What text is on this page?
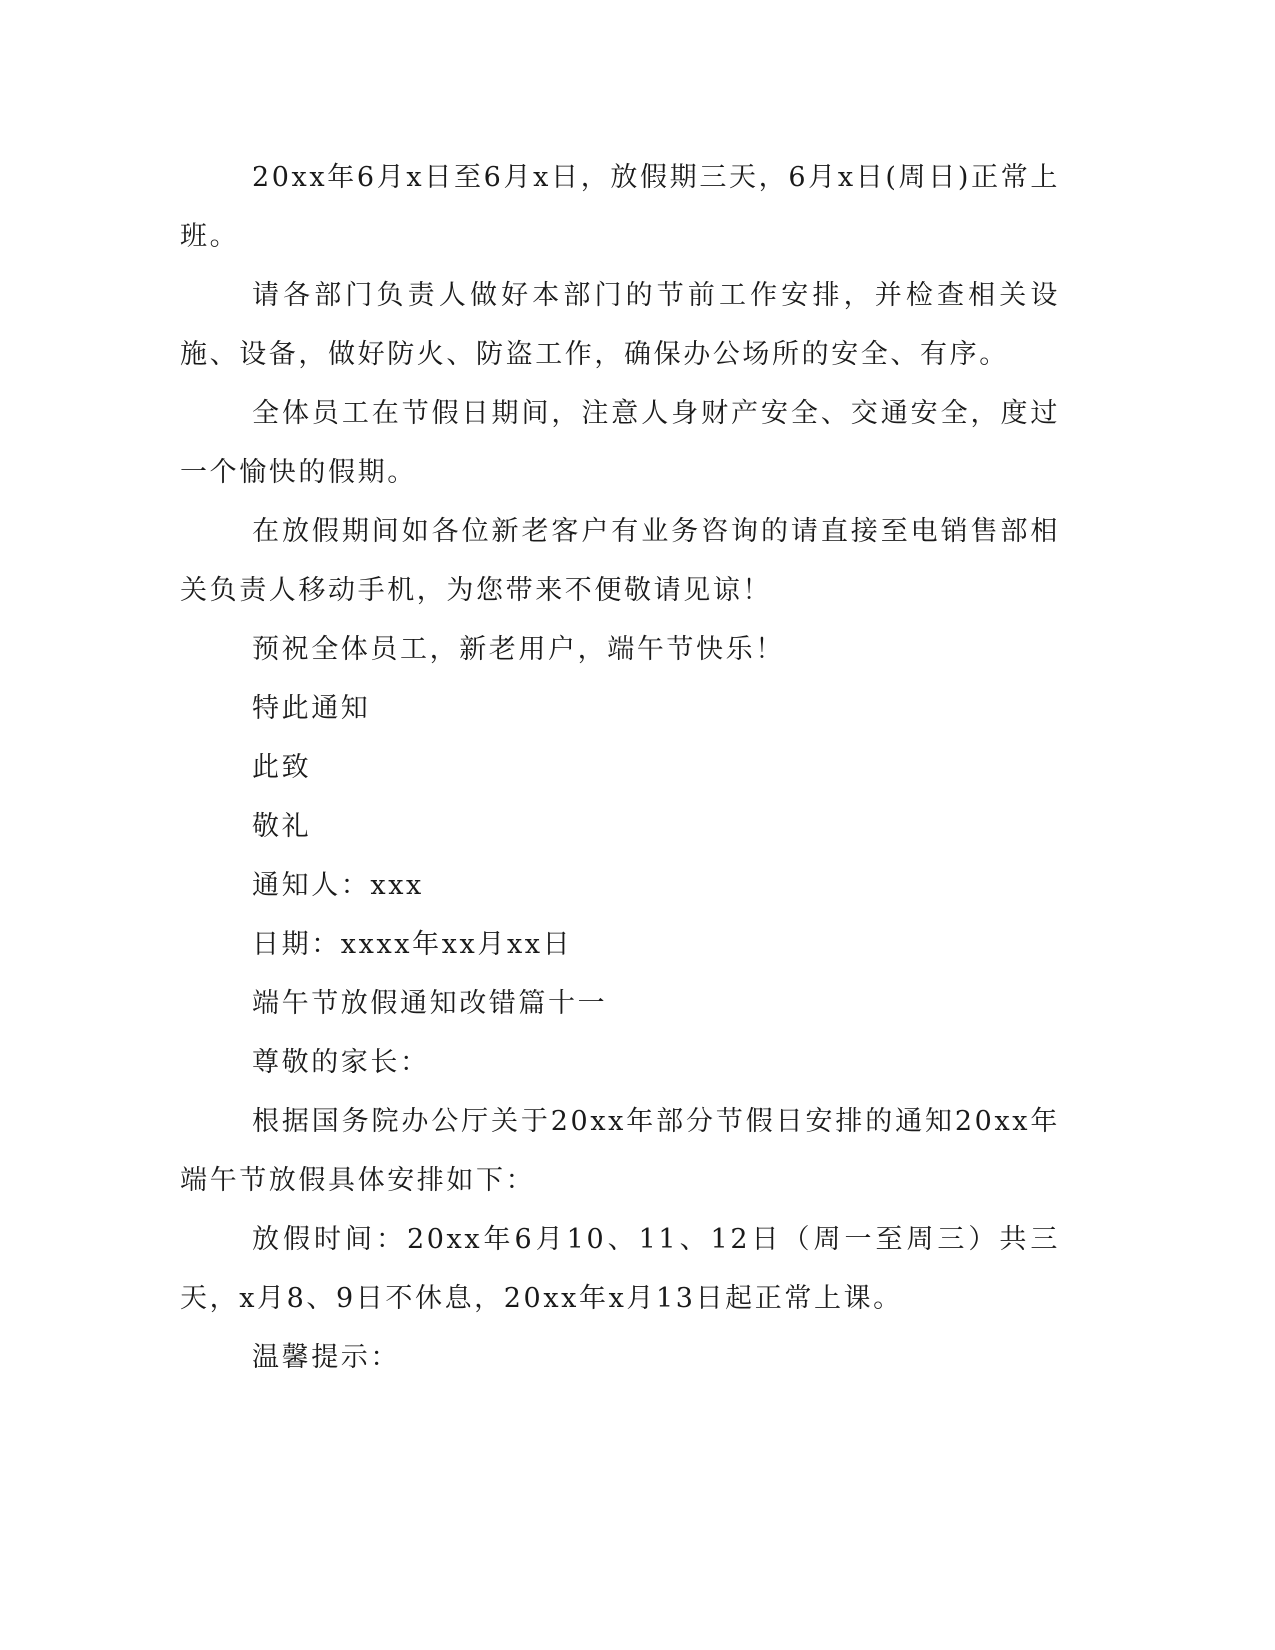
20xx年6月x日至6月x日，放假期三天，6月x日(周日)正常上班。

请各部门负责人做好本部门的节前工作安排，并检查相关设施、设备，做好防火、防盗工作，确保办公场所的安全、有序。

全体员工在节假日期间，注意人身财产安全、交通安全，度过一个愉快的假期。

在放假期间如各位新老客户有业务咨询的请直接至电销售部相关负责人移动手机，为您带来不便敬请见谅！

预祝全体员工，新老用户，端午节快乐！

特此通知

此致

敬礼

通知人：xxx

日期：xxxx年xx月xx日

端午节放假通知改错篇十一

尊敬的家长：

根据国务院办公厅关于20xx年部分节假日安排的通知20xx年端午节放假具体安排如下：

放假时间：20xx年6月10、11、12日（周一至周三）共三天，x月8、9日不休息，20xx年x月13日起正常上课。

温馨提示：
